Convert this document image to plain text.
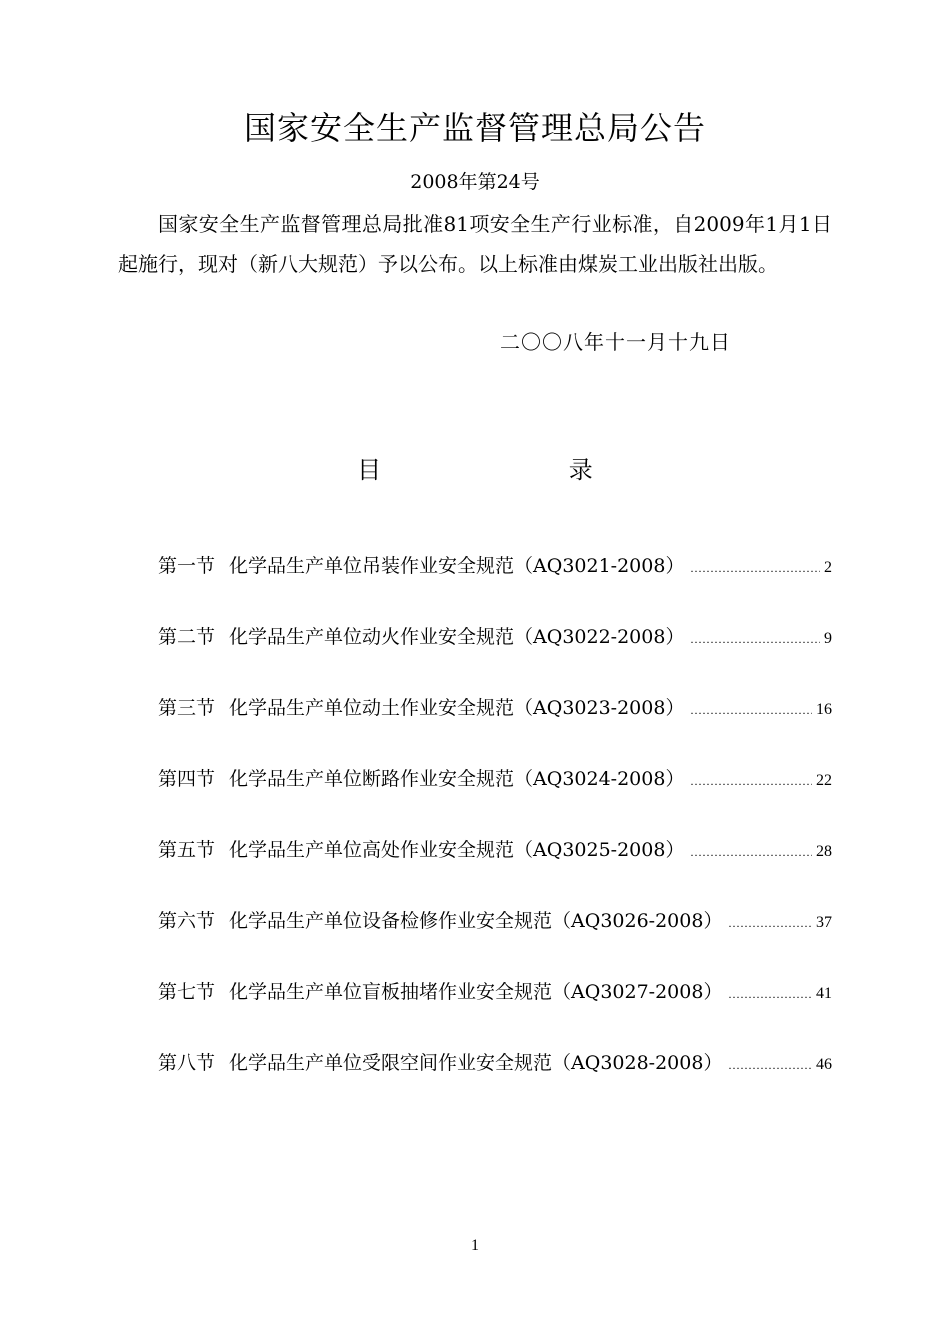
国家安全生产监督管理总局公告
2008年第24号

国家安全生产监督管理总局批准81项安全生产行业标准，自2009年1月1日起施行，现对（新八大规范）予以公布。以上标准由煤炭工业出版社出版。

二〇〇八年十一月十九日
目 录
第一节 化学品生产单位吊装作业安全规范（AQ3021-2008） .....	2
第二节 化学品生产单位动火作业安全规范（AQ3022-2008） .....	9
第三节 化学品生产单位动土作业安全规范（AQ3023-2008） .....	16
第四节 化学品生产单位断路作业安全规范（AQ3024-2008） .....	22
第五节 化学品生产单位高处作业安全规范（AQ3025-2008） .....	28
第六节 化学品生产单位设备检修作业安全规范（AQ3026-2008） .....	37
第七节 化学品生产单位盲板抽堵作业安全规范（AQ3027-2008） .....	41
第八节 化学品生产单位受限空间作业安全规范（AQ3028-2008） .....	46
1
